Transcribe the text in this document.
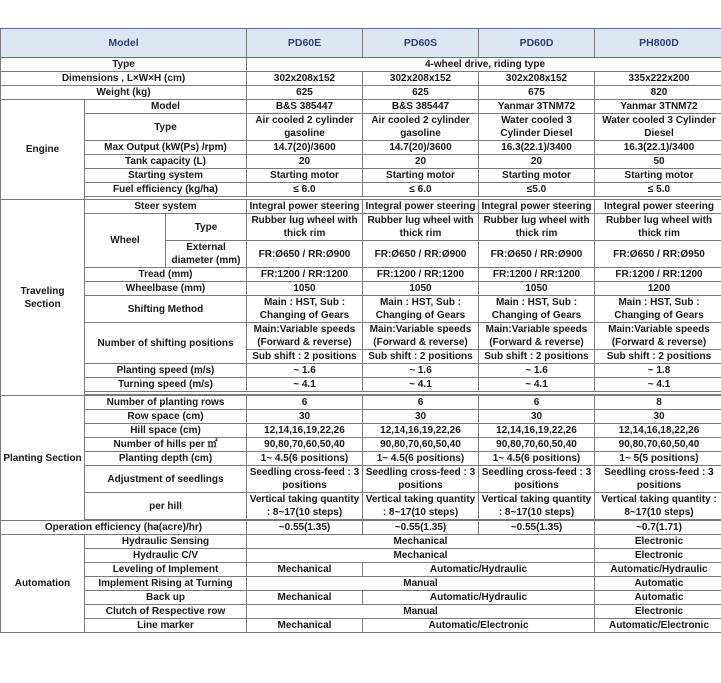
Model			PD60E	PD60S	PD60D	PH800D
Type			4-wheel drive, riding type			
Dimensions , L×W×H (cm)			302x208x152	302x208x152	302x208x152	335x222x200
Weight (kg)			625	625	675	820
Engine	Model		B&S 385447	B&S 385447	Yanmar 3TNM72	Yanmar 3TNM72
	Type		Air cooled 2 cylinder gasoline	Air cooled 2 cylinder gasoline	Water cooled 3 Cylinder Diesel	Water cooled 3 Cylinder Diesel
	Max Output (kW(Ps) /rpm)		14.7(20)/3600	14.7(20)/3600	16.3(22.1)/3400	16.3(22.1)/3400
	Tank capacity (L)		20	20	20	50
	Starting system		Starting motor	Starting motor	Starting motor	Starting motor
	Fuel efficiency (kg/ha)		≤ 6.0	≤ 6.0	≤5.0	≤ 5.0

Traveling Section	Steer system		Integral power steering	Integral power steering	Integral power steering	Integral power steering
	Wheel	Type	Rubber lug wheel with thick rim	Rubber lug wheel with thick rim	Rubber lug wheel with thick rim	Rubber lug wheel with thick rim
		External diameter (mm)	FR:Ø650 / RR:Ø900	FR:Ø650 / RR:Ø900	FR:Ø650 / RR:Ø900	FR:Ø650 / RR:Ø950
	Tread (mm)		FR:1200 / RR:1200	FR:1200 / RR:1200	FR:1200 / RR:1200	FR:1200 / RR:1200
	Wheelbase (mm)		1050	1050	1050	1200
	Shifting Method		Main : HST, Sub : Changing of Gears	Main : HST, Sub : Changing of Gears	Main : HST, Sub : Changing of Gears	Main : HST, Sub : Changing of Gears
	Number of shifting positions		Main:Variable speeds (Forward & reverse)	Main:Variable speeds (Forward & reverse)	Main:Variable speeds (Forward & reverse)	Main:Variable speeds (Forward & reverse)
			Sub shift : 2 positions	Sub shift : 2 positions	Sub shift : 2 positions	Sub shift : 2 positions
	Planting speed (m/s)		~ 1.6	~ 1.6	~ 1.6	~ 1.8
	Turning speed (m/s)		~ 4.1	~ 4.1	~ 4.1	~ 4.1

Planting Section	Number of planting rows		6	6	6	8
	Row space (cm)		30	30	30	30
	Hill space (cm)		12,14,16,19,22,26	12,14,16,19,22,26	12,14,16,19,22,26	12,14,16,18,22,26
	Number of hills per ㎡		90,80,70,60,50,40	90,80,70,60,50,40	90,80,70,60,50,40	90,80,70,60,50,40
	Planting depth (cm)		1~ 4.5(6 positions)	1~ 4.5(6 positions)	1~ 4.5(6 positions)	1~ 5(5 positions)
	Adjustment of seedlings		Seedling cross-feed : 3 positions	Seedling cross-feed : 3 positions	Seedling cross-feed : 3 positions	Seedling cross-feed : 3 positions
	per hill		Vertical taking quantity : 8~17(10 steps)	Vertical taking quantity : 8~17(10 steps)	Vertical taking quantity : 8~17(10 steps)	Vertical taking quantity : 8~17(10 steps)

Operation efficiency (ha(acre)/hr)			~0.55(1.35)	~0.55(1.35)	~0.55(1.35)	~0.7(1.71)
Automation	Hydraulic Sensing		Mechanical			Electronic
	Hydraulic C/V		Mechanical			Electronic
	Leveling of Implement		Mechanical	Automatic/Hydraulic		Automatic/Hydraulic
	Implement Rising at Turning		Manual			Automatic
	Back up		Mechanical	Automatic/Hydraulic		Automatic
	Clutch of Respective row		Manual			Electronic
	Line marker		Mechanical	Automatic/Electronic		Automatic/Electronic
